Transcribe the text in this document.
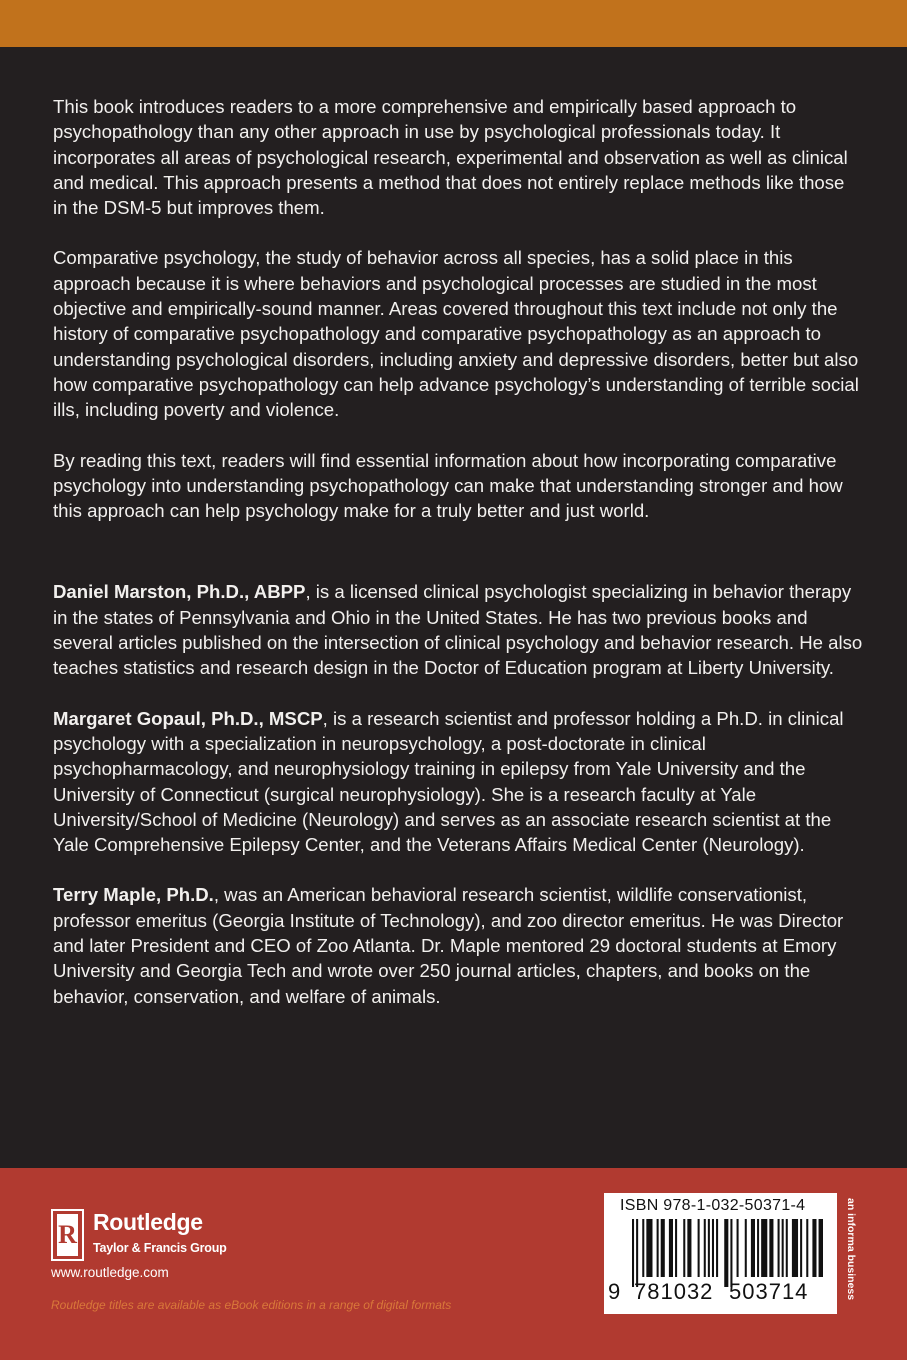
This book introduces readers to a more comprehensive and empirically based approach to psychopathology than any other approach in use by psychological professionals today. It incorporates all areas of psychological research, experimental and observation as well as clinical and medical. This approach presents a method that does not entirely replace methods like those in the DSM-5 but improves them.

Comparative psychology, the study of behavior across all species, has a solid place in this approach because it is where behaviors and psychological processes are studied in the most objective and empirically-sound manner. Areas covered throughout this text include not only the history of comparative psychopathology and comparative psychopathology as an approach to understanding psychological disorders, including anxiety and depressive disorders, better but also how comparative psychopathology can help advance psychology’s understanding of terrible social ills, including poverty and violence.

By reading this text, readers will find essential information about how incorporating comparative psychology into understanding psychopathology can make that understanding stronger and how this approach can help psychology make for a truly better and just world.

Daniel Marston, Ph.D., ABPP, is a licensed clinical psychologist specializing in behavior therapy in the states of Pennsylvania and Ohio in the United States. He has two previous books and several articles published on the intersection of clinical psychology and behavior research. He also teaches statistics and research design in the Doctor of Education program at Liberty University.

Margaret Gopaul, Ph.D., MSCP, is a research scientist and professor holding a Ph.D. in clinical psychology with a specialization in neuropsychology, a post-doctorate in clinical psychopharmacology, and neurophysiology training in epilepsy from Yale University and the University of Connecticut (surgical neurophysiology). She is a research faculty at Yale University/School of Medicine (Neurology) and serves as an associate research scientist at the Yale Comprehensive Epilepsy Center, and the Veterans Affairs Medical Center (Neurology).

Terry Maple, Ph.D., was an American behavioral research scientist, wildlife conservationist, professor emeritus (Georgia Institute of Technology), and zoo director emeritus. He was Director and later President and CEO of Zoo Atlanta. Dr. Maple mentored 29 doctoral students at Emory University and Georgia Tech and wrote over 250 journal articles, chapters, and books on the behavior, conservation, and welfare of animals.

R Routledge
Taylor & Francis Group
www.routledge.com
Routledge titles are available as eBook editions in a range of digital formats
ISBN 978-1-032-50371-4
9 781032 503714	an informa business
